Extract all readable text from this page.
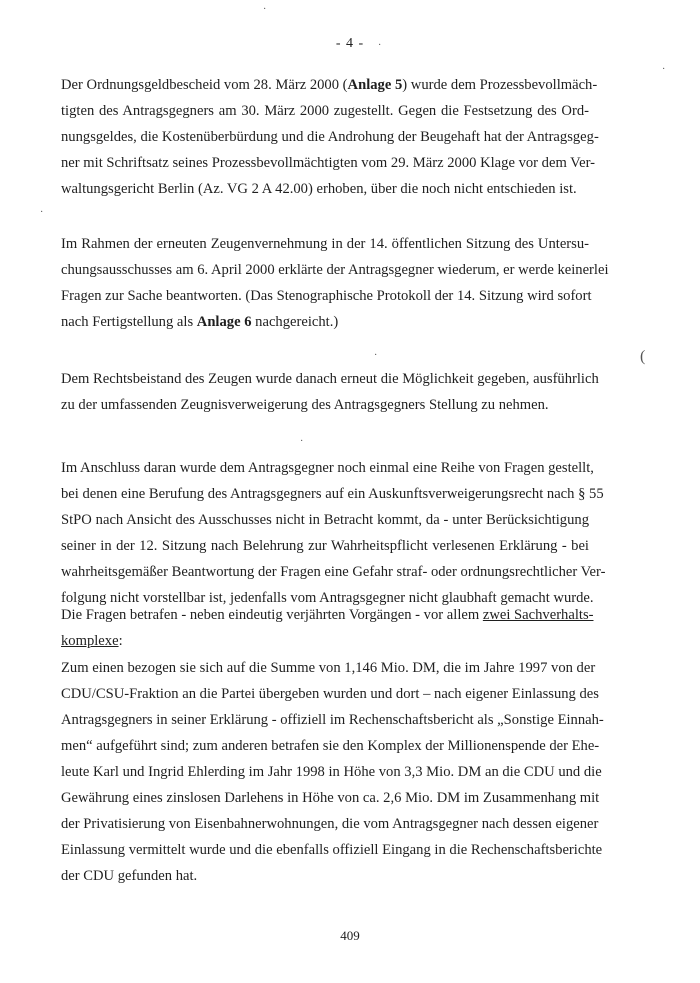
- 4 -

Der Ordnungsgeldbescheid vom 28. März 2000 (Anlage 5) wurde dem Prozessbevollmäch-
tigten des Antragsgegners am 30. März 2000 zugestellt. Gegen die Festsetzung des Ord-
nungsgeldes, die Kostenüberbürdung und die Androhung der Beugehaft hat der Antragsgeg-
ner mit Schriftsatz seines Prozessbevollmächtigten vom 29. März 2000 Klage vor dem Ver-
waltungsgericht Berlin (Az. VG 2 A 42.00) erhoben, über die noch nicht entschieden ist.

Im Rahmen der erneuten Zeugenvernehmung in der 14. öffentlichen Sitzung des Untersu-
chungsausschusses am 6. April 2000 erklärte der Antragsgegner wiederum, er werde keinerlei
Fragen zur Sache beantworten. (Das Stenographische Protokoll der 14. Sitzung wird sofort
nach Fertigstellung als Anlage 6 nachgereicht.)

Dem Rechtsbeistand des Zeugen wurde danach erneut die Möglichkeit gegeben, ausführlich
zu der umfassenden Zeugnisverweigerung des Antragsgegners Stellung zu nehmen.

Im Anschluss daran wurde dem Antragsgegner noch einmal eine Reihe von Fragen gestellt,
bei denen eine Berufung des Antragsgegners auf ein Auskunftsverweigerungsrecht nach § 55
StPO nach Ansicht des Ausschusses nicht in Betracht kommt, da - unter Berücksichtigung
seiner in der 12. Sitzung nach Belehrung zur Wahrheitspflicht verlesenen Erklärung - bei
wahrheitsgemäßer Beantwortung der Fragen eine Gefahr straf- oder ordnungsrechtlicher Ver-
folgung nicht vorstellbar ist, jedenfalls vom Antragsgegner nicht glaubhaft gemacht wurde.

Die Fragen betrafen - neben eindeutig verjährten Vorgängen - vor allem zwei Sachverhalts-
komplexe:

Zum einen bezogen sie sich auf die Summe von 1,146 Mio. DM, die im Jahre 1997 von der
CDU/CSU-Fraktion an die Partei übergeben wurden und dort – nach eigener Einlassung des
Antragsgegners in seiner Erklärung - offiziell im Rechenschaftsbericht als „Sonstige Einnah-
men“ aufgeführt sind; zum anderen betrafen sie den Komplex der Millionenspende der Ehe-
leute Karl und Ingrid Ehlerding im Jahr 1998 in Höhe von 3,3 Mio. DM an die CDU und die
Gewährung eines zinslosen Darlehens in Höhe von ca. 2,6 Mio. DM im Zusammenhang mit
der Privatisierung von Eisenbahnerwohnungen, die vom Antragsgegner nach dessen eigener
Einlassung vermittelt wurde und die ebenfalls offiziell Eingang in die Rechenschaftsberichte
der CDU gefunden hat.

409
·
·
·
·
·	(
·
